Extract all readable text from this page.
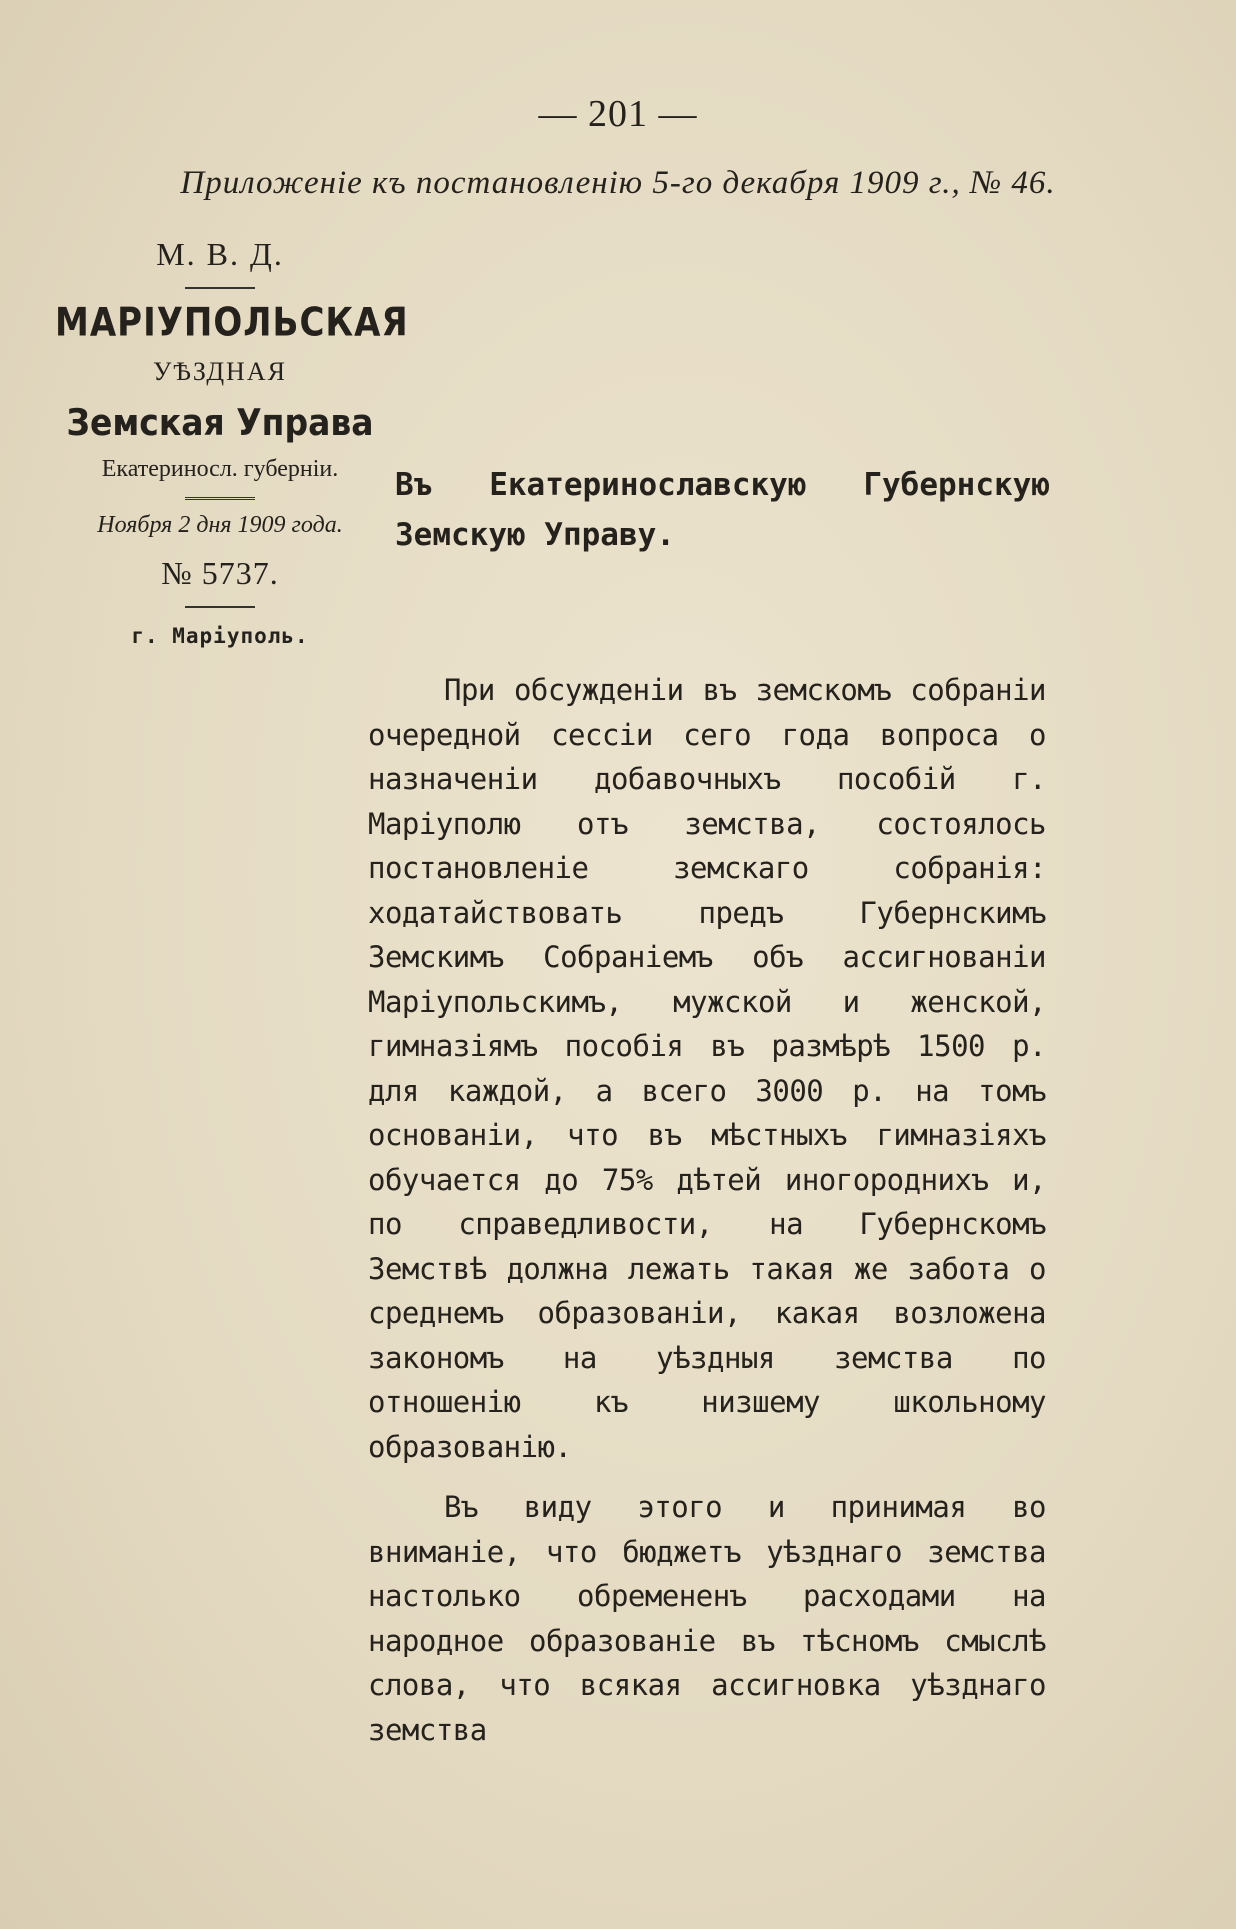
— 201 —
Приложеніе къ постановленію 5-го декабря 1909 г., № 46.
М. В. Д.
МАРІУПОЛЬСКАЯ
УѢЗДНАЯ
Земская Управа
Екатериносл. губерніи.
Ноября 2 дня 1909 года.
№ 5737.
г. Маріуполь.
Въ Екатеринославскую Губернскую Земскую Управу.

При обсужденіи въ земскомъ собраніи очередной сессіи сего года вопроса о назначеніи добавочныхъ пособій г. Маріуполю отъ земства, состоялось постановленіе земскаго собранія: ходатайствовать предъ Губернскимъ Земскимъ Собраніемъ объ ассигнованіи Маріупольскимъ, мужской и женской, гимназіямъ пособія въ размѣрѣ 1500 р. для каждой, а всего 3000 р. на томъ основаніи, что въ мѣстныхъ гимназіяхъ обучается до 75% дѣтей иногороднихъ и, по справедливости, на Губернскомъ Земствѣ должна лежать такая же забота о среднемъ образованіи, какая возложена закономъ на уѣздныя земства по отношенію къ низшему школьному образованію.

Въ виду этого и принимая во вниманіе, что бюджетъ уѣзднаго земства настолько обремененъ расходами на народное образованіе въ тѣсномъ смыслѣ слова, что всякая ассигновка уѣзднаго земства
